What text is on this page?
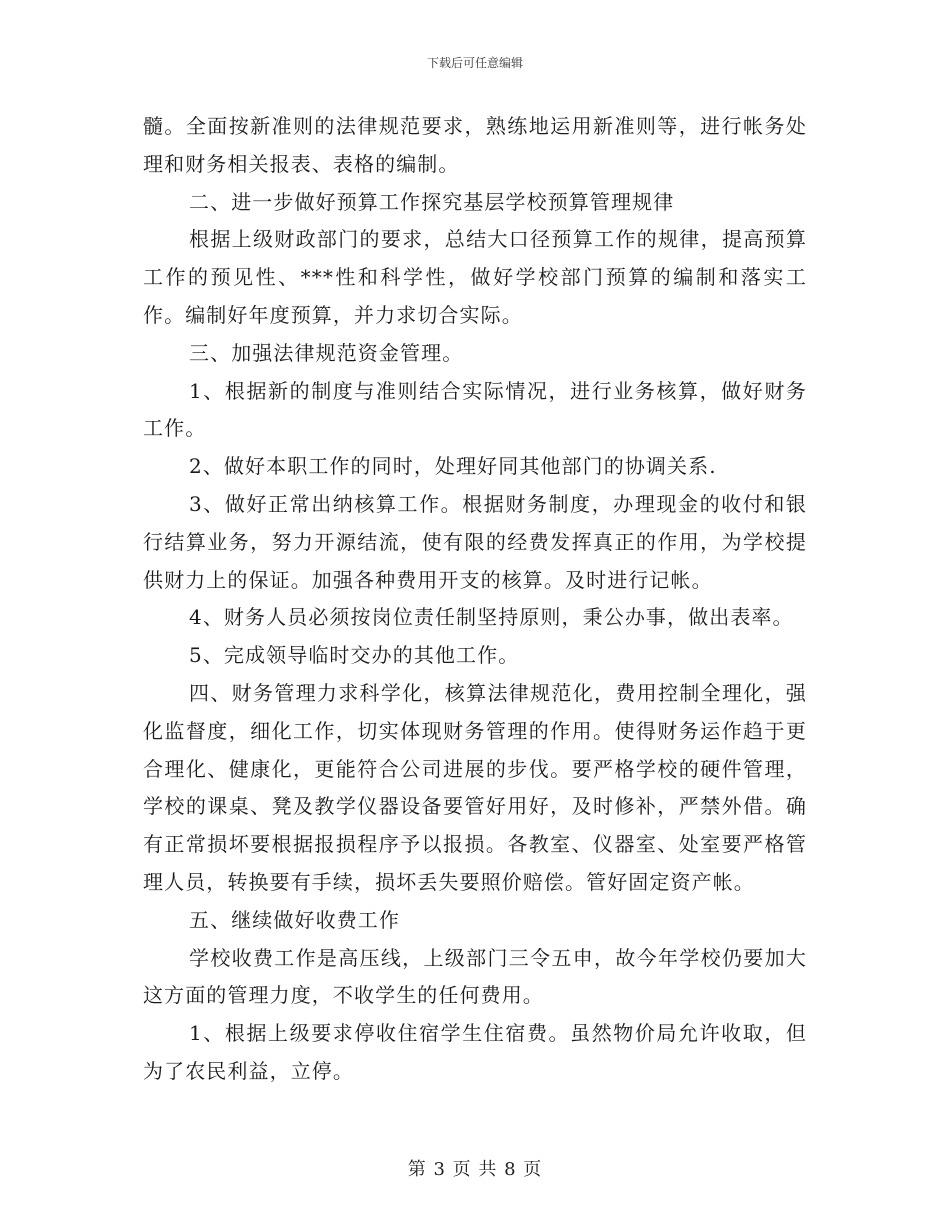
下载后可任意编辑

髓。全面按新准则的法律规范要求，熟练地运用新准则等，进行帐务处理和财务相关报表、表格的编制。

二、进一步做好预算工作探究基层学校预算管理规律

根据上级财政部门的要求，总结大口径预算工作的规律，提高预算工作的预见性、***性和科学性，做好学校部门预算的编制和落实工作。编制好年度预算，并力求切合实际。

三、加强法律规范资金管理。

1、根据新的制度与准则结合实际情况，进行业务核算，做好财务工作。

2、做好本职工作的同时，处理好同其他部门的协调关系.

3、做好正常出纳核算工作。根据财务制度，办理现金的收付和银行结算业务，努力开源结流，使有限的经费发挥真正的作用，为学校提供财力上的保证。加强各种费用开支的核算。及时进行记帐。

4、财务人员必须按岗位责任制坚持原则，秉公办事，做出表率。

5、完成领导临时交办的其他工作。

四、财务管理力求科学化，核算法律规范化，费用控制全理化，强化监督度，细化工作，切实体现财务管理的作用。使得财务运作趋于更合理化、健康化，更能符合公司进展的步伐。要严格学校的硬件管理，学校的课桌、凳及教学仪器设备要管好用好，及时修补，严禁外借。确有正常损坏要根据报损程序予以报损。各教室、仪器室、处室要严格管理人员，转换要有手续，损坏丢失要照价赔偿。管好固定资产帐。

五、继续做好收费工作

学校收费工作是高压线，上级部门三令五申，故今年学校仍要加大这方面的管理力度，不收学生的任何费用。

1、根据上级要求停收住宿学生住宿费。虽然物价局允许收取，但为了农民利益，立停。

第 3 页 共 8 页
